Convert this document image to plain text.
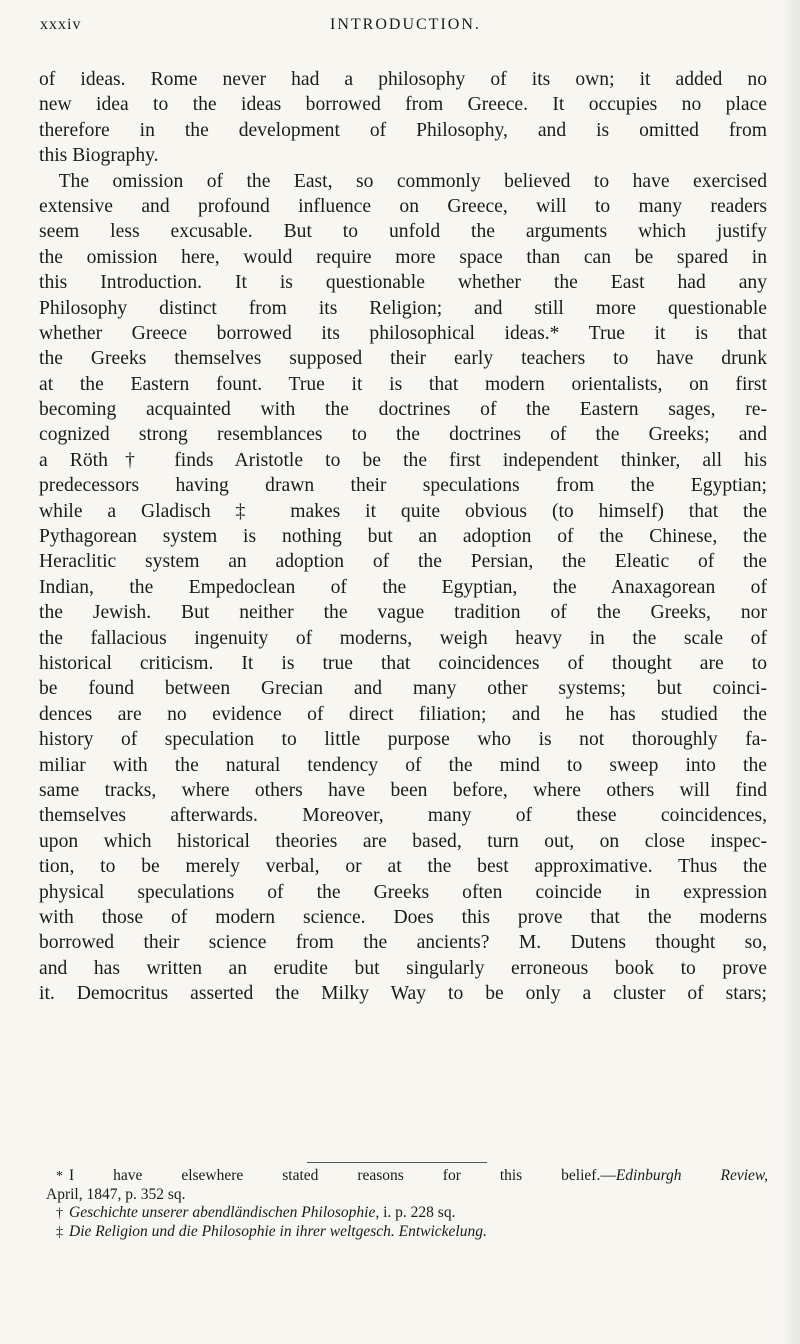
xxxiv	INTRODUCTION.
of ideas. Rome never had a philosophy of its own; it added no
new idea to the ideas borrowed from Greece. It occupies no place
therefore in the development of Philosophy, and is omitted from
this Biography.
The omission of the East, so commonly believed to have exercised
extensive and profound influence on Greece, will to many readers
seem less excusable. But to unfold the arguments which justify
the omission here, would require more space than can be spared in
this Introduction. It is questionable whether the East had any
Philosophy distinct from its Religion; and still more questionable
whether Greece borrowed its philosophical ideas.* True it is that
the Greeks themselves supposed their early teachers to have drunk
at the Eastern fount. True it is that modern orientalists, on first
becoming acquainted with the doctrines of the Eastern sages, re-
cognized strong resemblances to the doctrines of the Greeks; and
a Röth† finds Aristotle to be the first independent thinker, all his
predecessors having drawn their speculations from the Egyptian;
while a Gladisch ‡ makes it quite obvious (to himself) that the
Pythagorean system is nothing but an adoption of the Chinese, the
Heraclitic system an adoption of the Persian, the Eleatic of the
Indian, the Empedoclean of the Egyptian, the Anaxagorean of
the Jewish. But neither the vague tradition of the Greeks, nor
the fallacious ingenuity of moderns, weigh heavy in the scale of
historical criticism. It is true that coincidences of thought are to
be found between Grecian and many other systems; but coinci-
dences are no evidence of direct filiation; and he has studied the
history of speculation to little purpose who is not thoroughly fa-
miliar with the natural tendency of the mind to sweep into the
same tracks, where others have been before, where others will find
themselves afterwards. Moreover, many of these coincidences,
upon which historical theories are based, turn out, on close inspec-
tion, to be merely verbal, or at the best approximative. Thus the
physical speculations of the Greeks often coincide in expression
with those of modern science. Does this prove that the moderns
borrowed their science from the ancients? M. Dutens thought so,
and has written an erudite but singularly erroneous book to prove
it. Democritus asserted the Milky Way to be only a cluster of stars;
* I have elsewhere stated reasons for this belief.—Edinburgh Review,
April, 1847, p. 352 sq.
† Geschichte unserer abendländischen Philosophie, i. p. 228 sq.
‡ Die Religion und die Philosophie in ihrer weltgesch. Entwickelung.
